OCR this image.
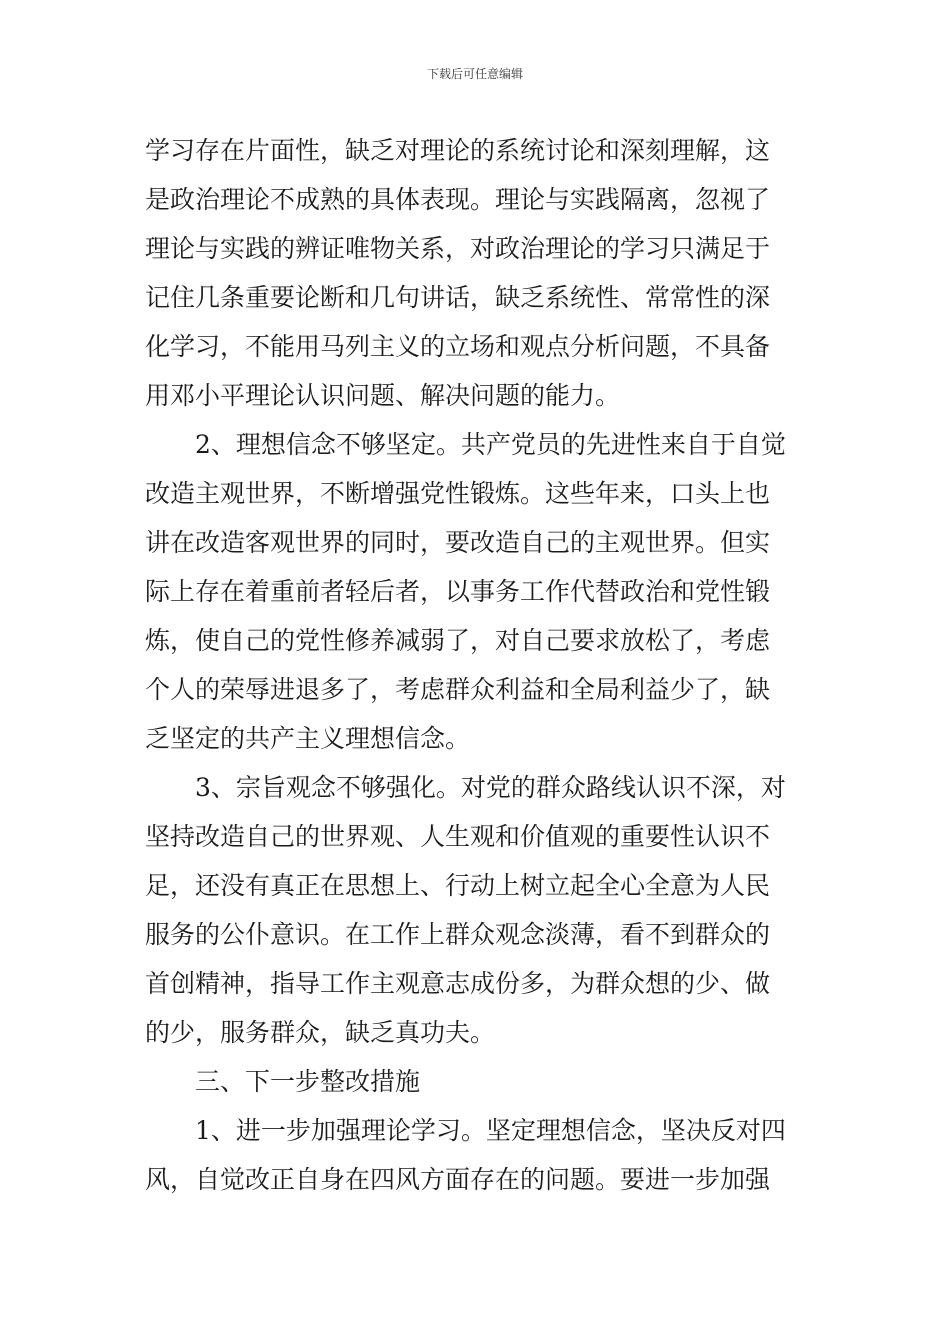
下载后可任意编辑
学习存在片面性，缺乏对理论的系统讨论和深刻理解，这
是政治理论不成熟的具体表现。理论与实践隔离，忽视了
理论与实践的辨证唯物关系，对政治理论的学习只满足于
记住几条重要论断和几句讲话，缺乏系统性、常常性的深
化学习，不能用马列主义的立场和观点分析问题，不具备
用邓小平理论认识问题、解决问题的能力。
2、理想信念不够坚定。共产党员的先进性来自于自觉
改造主观世界，不断增强党性锻炼。这些年来，口头上也
讲在改造客观世界的同时，要改造自己的主观世界。但实
际上存在着重前者轻后者，以事务工作代替政治和党性锻
炼，使自己的党性修养减弱了，对自己要求放松了，考虑
个人的荣辱进退多了，考虑群众利益和全局利益少了，缺
乏坚定的共产主义理想信念。
3、宗旨观念不够强化。对党的群众路线认识不深，对
坚持改造自己的世界观、人生观和价值观的重要性认识不
足，还没有真正在思想上、行动上树立起全心全意为人民
服务的公仆意识。在工作上群众观念淡薄，看不到群众的
首创精神，指导工作主观意志成份多，为群众想的少、做
的少，服务群众，缺乏真功夫。
三、下一步整改措施
1、进一步加强理论学习。坚定理想信念，坚决反对四
风，自觉改正自身在四风方面存在的问题。要进一步加强
